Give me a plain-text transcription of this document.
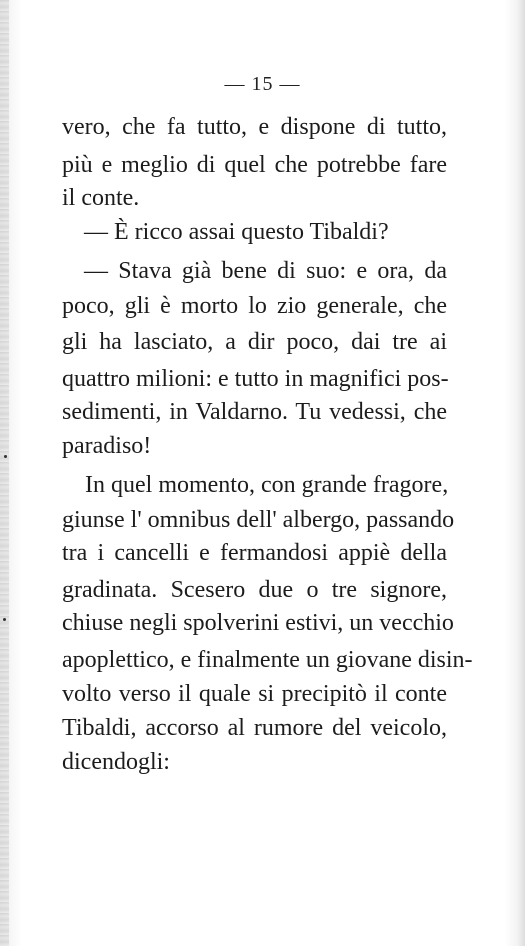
— 15 —
vero, che fa tutto, e dispone di tutto,
più e meglio di quel che potrebbe fare
il conte.
— È ricco assai questo Tibaldi?
— Stava già bene di suo: e ora, da
poco, gli è morto lo zio generale, che
gli ha lasciato, a dir poco, dai tre ai
quattro milioni: e tutto in magnifici pos-
sedimenti, in Valdarno. Tu vedessi, che
paradiso!
In quel momento, con grande fragore,
giunse l' omnibus dell' albergo, passando
tra i cancelli e fermandosi appiè della
gradinata. Scesero due o tre signore,
chiuse negli spolverini estivi, un vecchio
apoplettico, e finalmente un giovane disin-
volto verso il quale si precipitò il conte
Tibaldi, accorso al rumore del veicolo,
dicendogli:
